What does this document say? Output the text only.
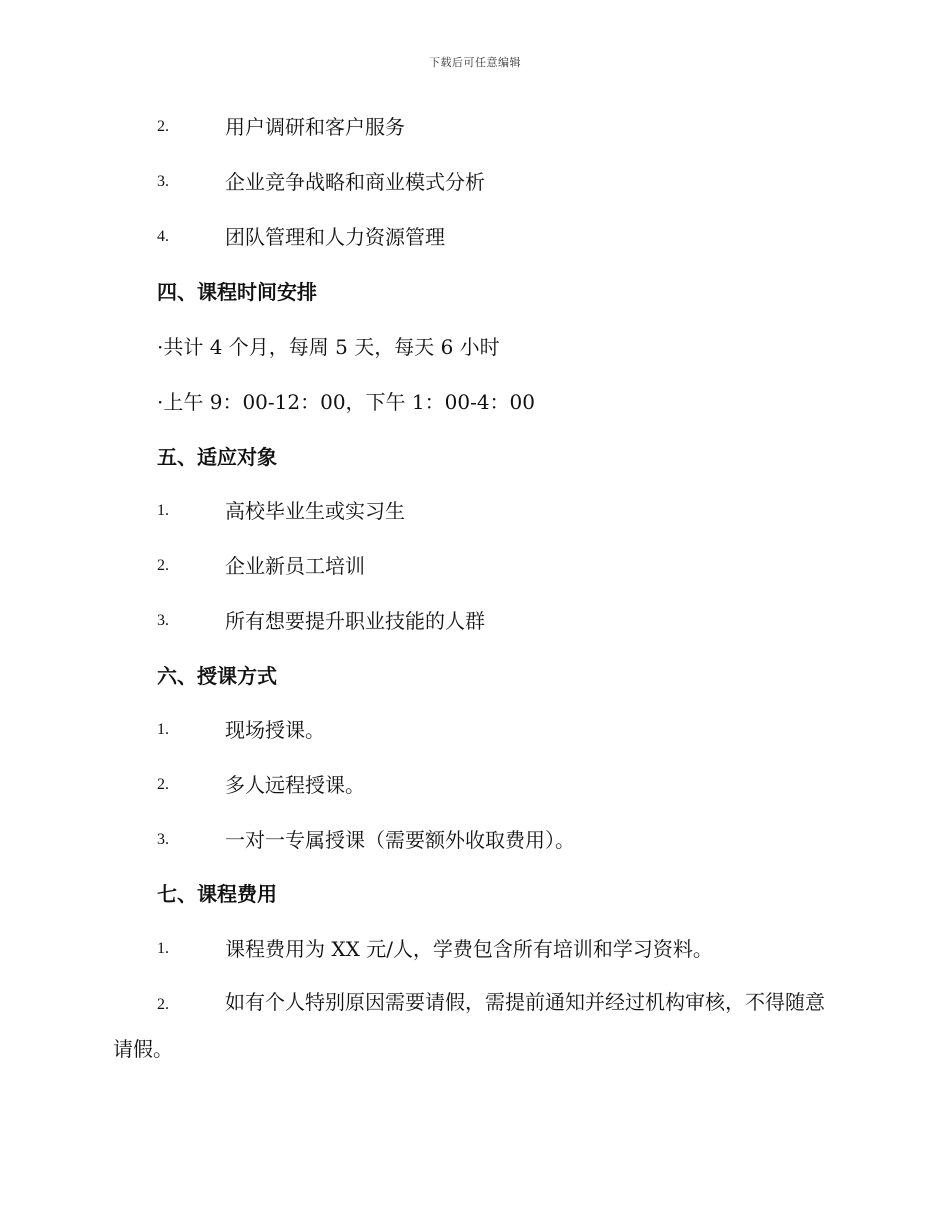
下载后可任意编辑
2.	用户调研和客户服务
3.	企业竞争战略和商业模式分析
4.	团队管理和人力资源管理
四、课程时间安排
·共计 4 个月，每周 5 天，每天 6 小时
·上午 9：00-12：00，下午 1：00-4：00
五、适应对象
1.	高校毕业生或实习生
2.	企业新员工培训
3.	所有想要提升职业技能的人群
六、授课方式
1.	现场授课。
2.	多人远程授课。
3.	一对一专属授课（需要额外收取费用）。
七、课程费用
1.	课程费用为 XX 元/人，学费包含所有培训和学习资料。
2.	如有个人特别原因需要请假，需提前通知并经过机构审核，不得随意请假。
